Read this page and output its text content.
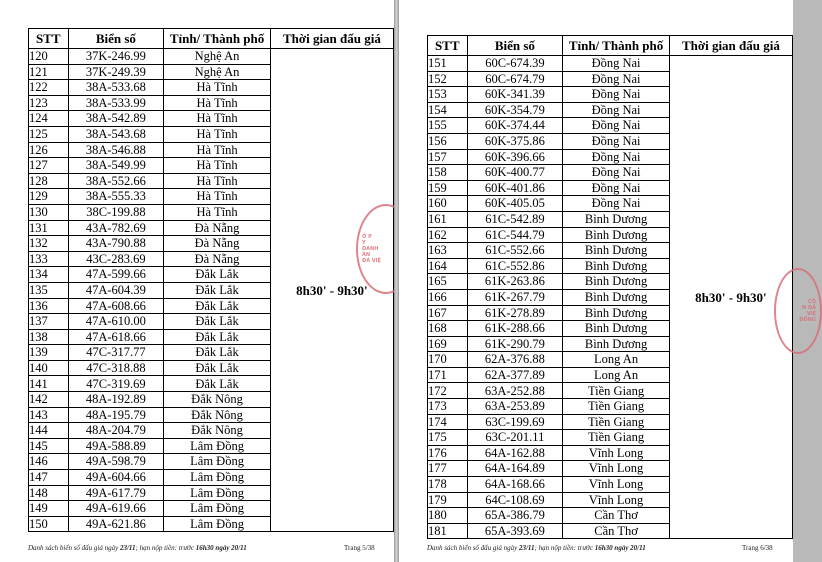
STT	Biển số	Tỉnh/ Thành phố	Thời gian đấu giá
120	37K-246.99	Nghệ An	8h30' - 9h30'
121	37K-249.39	Nghệ An	
122	38A-533.68	Hà Tĩnh	
123	38A-533.99	Hà Tĩnh	
124	38A-542.89	Hà Tĩnh	
125	38A-543.68	Hà Tĩnh	
126	38A-546.88	Hà Tĩnh	
127	38A-549.99	Hà Tĩnh	
128	38A-552.66	Hà Tĩnh	
129	38A-555.33	Hà Tĩnh	
130	38C-199.88	Hà Tĩnh	
131	43A-782.69	Đà Nẵng	
132	43A-790.88	Đà Nẵng	
133	43C-283.69	Đà Nẵng	
134	47A-599.66	Đắk Lắk	
135	47A-604.39	Đắk Lắk	
136	47A-608.66	Đắk Lắk	
137	47A-610.00	Đắk Lắk	
138	47A-618.66	Đắk Lắk	
139	47C-317.77	Đắk Lắk	
140	47C-318.88	Đắk Lắk	
141	47C-319.69	Đắk Lắk	
142	48A-192.89	Đắk Nông	
143	48A-195.79	Đắk Nông	
144	48A-204.79	Đắk Nông	
145	49A-588.89	Lâm Đồng	
146	49A-598.79	Lâm Đồng	
147	49A-604.66	Lâm Đồng	
148	49A-617.79	Lâm Đồng	
149	49A-619.66	Lâm Đồng	
150	49A-621.86	Lâm Đồng	
Danh sách biển số đấu giá ngày 23/11; hạn nộp tiền: trước 16h30 ngày 20/11	Trang 5/38
Ở P
Y
DANH
ÁN
ĐÁ VIỆ
STT	Biển số	Tỉnh/ Thành phố	Thời gian đấu giá
151	60C-674.39	Đồng Nai	8h30' - 9h30'
152	60C-674.79	Đồng Nai	
153	60K-341.39	Đồng Nai	
154	60K-354.79	Đồng Nai	
155	60K-374.44	Đồng Nai	
156	60K-375.86	Đồng Nai	
157	60K-396.66	Đồng Nai	
158	60K-400.77	Đồng Nai	
159	60K-401.86	Đồng Nai	
160	60K-405.05	Đồng Nai	
161	61C-542.89	Bình Dương	
162	61C-544.79	Bình Dương	
163	61C-552.66	Bình Dương	
164	61C-552.86	Bình Dương	
165	61K-263.86	Bình Dương	
166	61K-267.79	Bình Dương	
167	61K-278.89	Bình Dương	
168	61K-288.66	Bình Dương	
169	61K-290.79	Bình Dương	
170	62A-376.88	Long An	
171	62A-377.89	Long An	
172	63A-252.88	Tiền Giang	
173	63A-253.89	Tiền Giang	
174	63C-199.69	Tiền Giang	
175	63C-201.11	Tiền Giang	
176	64A-162.88	Vĩnh Long	
177	64A-164.89	Vĩnh Long	
178	64A-168.66	Vĩnh Long	
179	64C-108.69	Vĩnh Long	
180	65A-386.79	Cần Thơ	
181	65A-393.69	Cần Thơ	
Danh sách biển số đấu giá ngày 23/11; hạn nộp tiền: trước 16h30 ngày 20/11	Trang 6/38
CÔ
N ĐẤ
VIỆ
ĐỒNG
